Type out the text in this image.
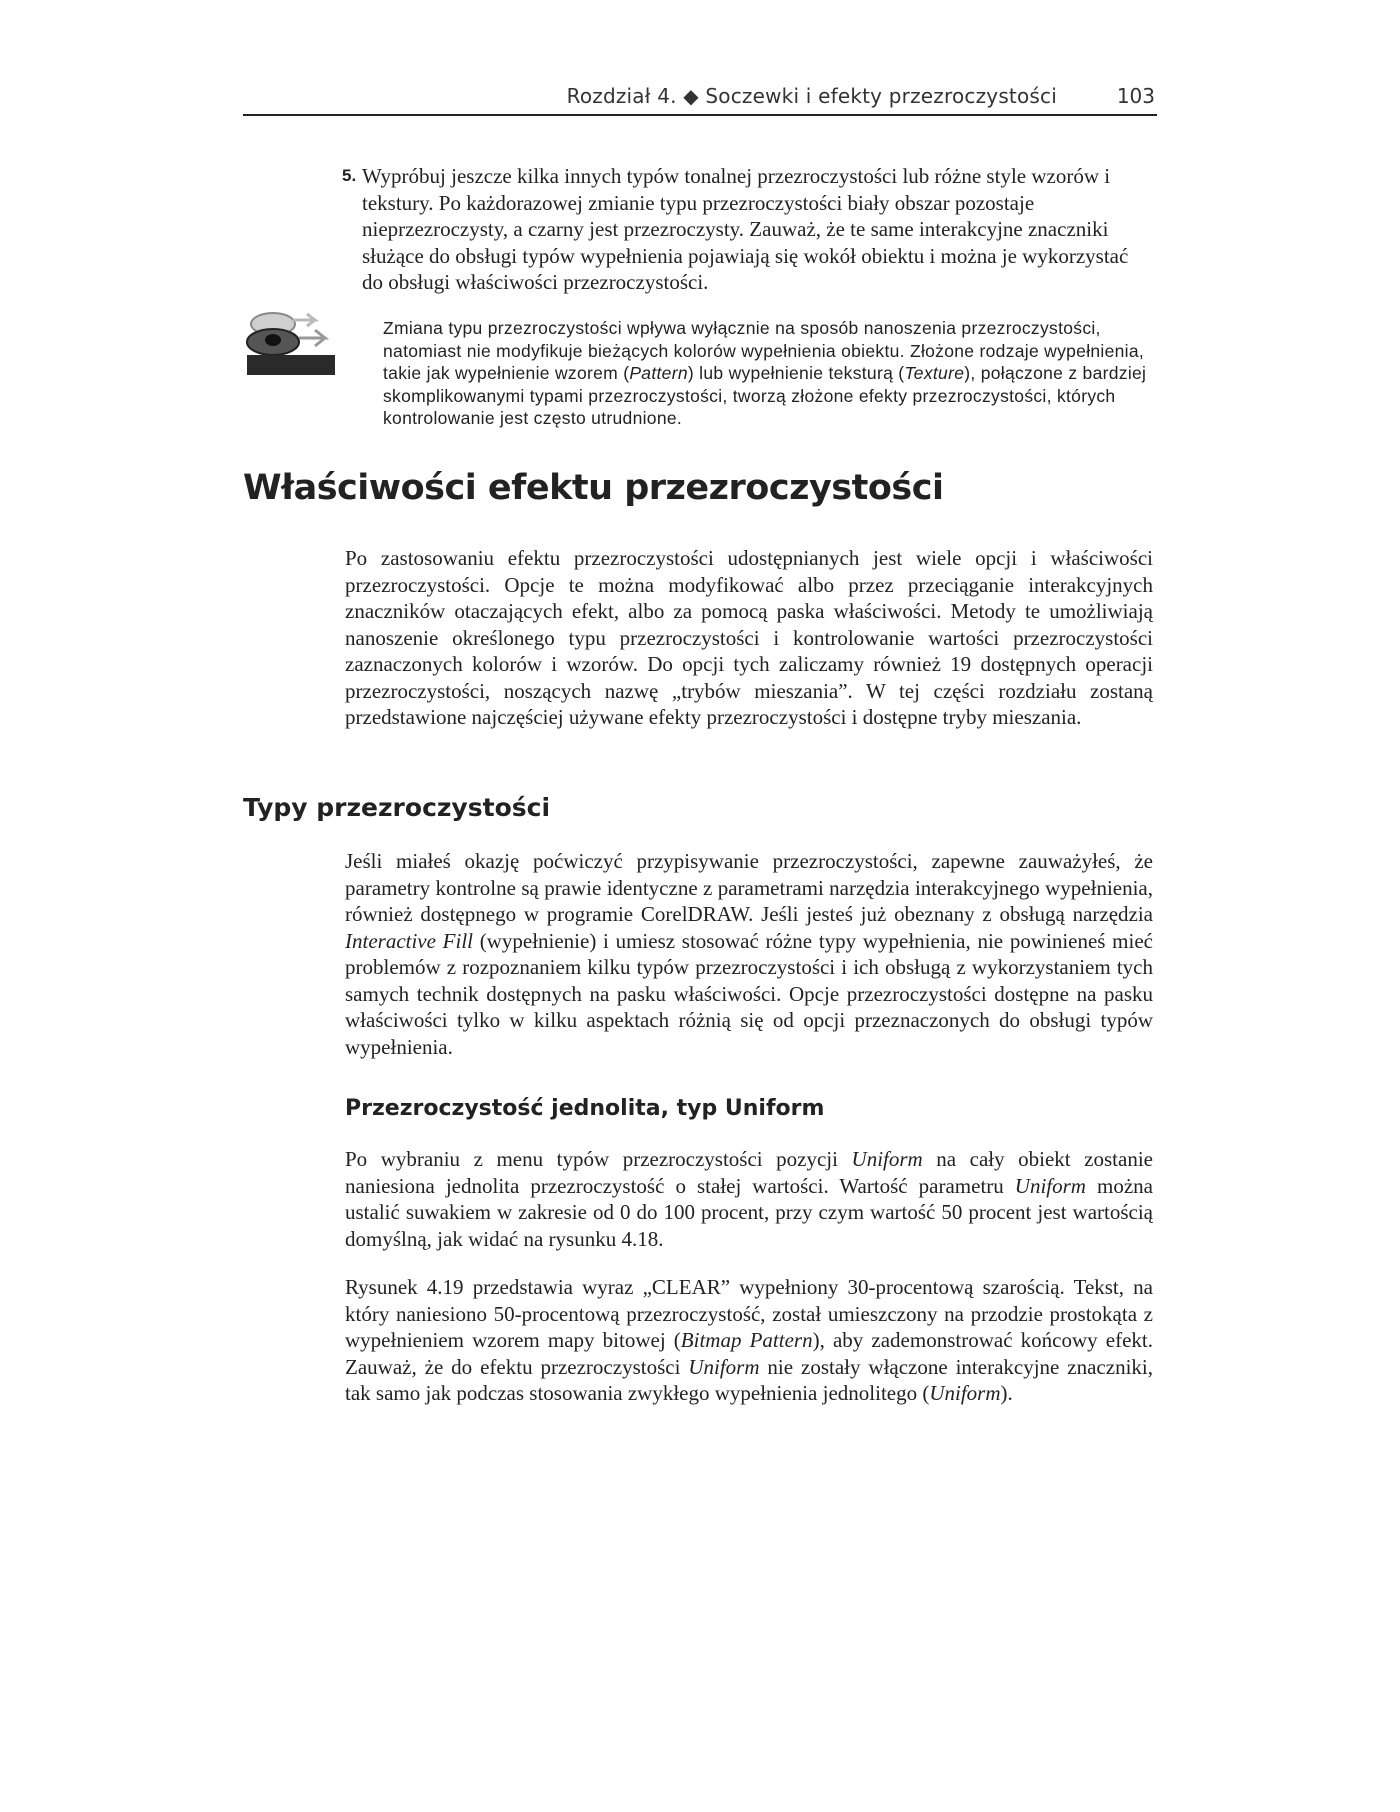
Rozdział 4. ◆ Soczewki i efekty przezroczystości	103
5. Wypróbuj jeszcze kilka innych typów tonalnej przezroczystości lub różne style wzorów i tekstury. Po każdorazowej zmianie typu przezroczystości biały obszar pozostaje nieprzezroczysty, a czarny jest przezroczysty. Zauważ, że te same interakcyjne znaczniki służące do obsługi typów wypełnienia pojawiają się wokół obiektu i można je wykorzystać do obsługi właściwości przezroczystości.
Zmiana typu przezroczystości wpływa wyłącznie na sposób nanoszenia przezroczystości, natomiast nie modyfikuje bieżących kolorów wypełnienia obiektu. Złożone rodzaje wypełnienia, takie jak wypełnienie wzorem (Pattern) lub wypełnienie teksturą (Texture), połączone z bardziej skomplikowanymi typami przezroczystości, tworzą złożone efekty przezroczystości, których kontrolowanie jest często utrudnione.
Właściwości efektu przezroczystości

Po zastosowaniu efektu przezroczystości udostępnianych jest wiele opcji i właściwości przezroczystości. Opcje te można modyfikować albo przez przeciąganie interakcyjnych znaczników otaczających efekt, albo za pomocą paska właściwości. Metody te umożliwiają nanoszenie określonego typu przezroczystości i kontrolowanie wartości przezroczystości zaznaczonych kolorów i wzorów. Do opcji tych zaliczamy również 19 dostępnych operacji przezroczystości, noszących nazwę „trybów mieszania”. W tej części rozdziału zostaną przedstawione najczęściej używane efekty przezroczystości i dostępne tryby mieszania.

Typy przezroczystości

Jeśli miałeś okazję poćwiczyć przypisywanie przezroczystości, zapewne zauważyłeś, że parametry kontrolne są prawie identyczne z parametrami narzędzia interakcyjnego wypełnienia, również dostępnego w programie CorelDRAW. Jeśli jesteś już obeznany z obsługą narzędzia Interactive Fill (wypełnienie) i umiesz stosować różne typy wypełnienia, nie powinieneś mieć problemów z rozpoznaniem kilku typów przezroczystości i ich obsługą z wykorzystaniem tych samych technik dostępnych na pasku właściwości. Opcje przezroczystości dostępne na pasku właściwości tylko w kilku aspektach różnią się od opcji przeznaczonych do obsługi typów wypełnienia.

Przezroczystość jednolita, typ Uniform

Po wybraniu z menu typów przezroczystości pozycji Uniform na cały obiekt zostanie naniesiona jednolita przezroczystość o stałej wartości. Wartość parametru Uniform można ustalić suwakiem w zakresie od 0 do 100 procent, przy czym wartość 50 procent jest wartością domyślną, jak widać na rysunku 4.18.

Rysunek 4.19 przedstawia wyraz „CLEAR” wypełniony 30-procentową szarością. Tekst, na który naniesiono 50-procentową przezroczystość, został umieszczony na przodzie prostokąta z wypełnieniem wzorem mapy bitowej (Bitmap Pattern), aby zademonstrować końcowy efekt. Zauważ, że do efektu przezroczystości Uniform nie zostały włączone interakcyjne znaczniki, tak samo jak podczas stosowania zwykłego wypełnienia jednolitego (Uniform).
